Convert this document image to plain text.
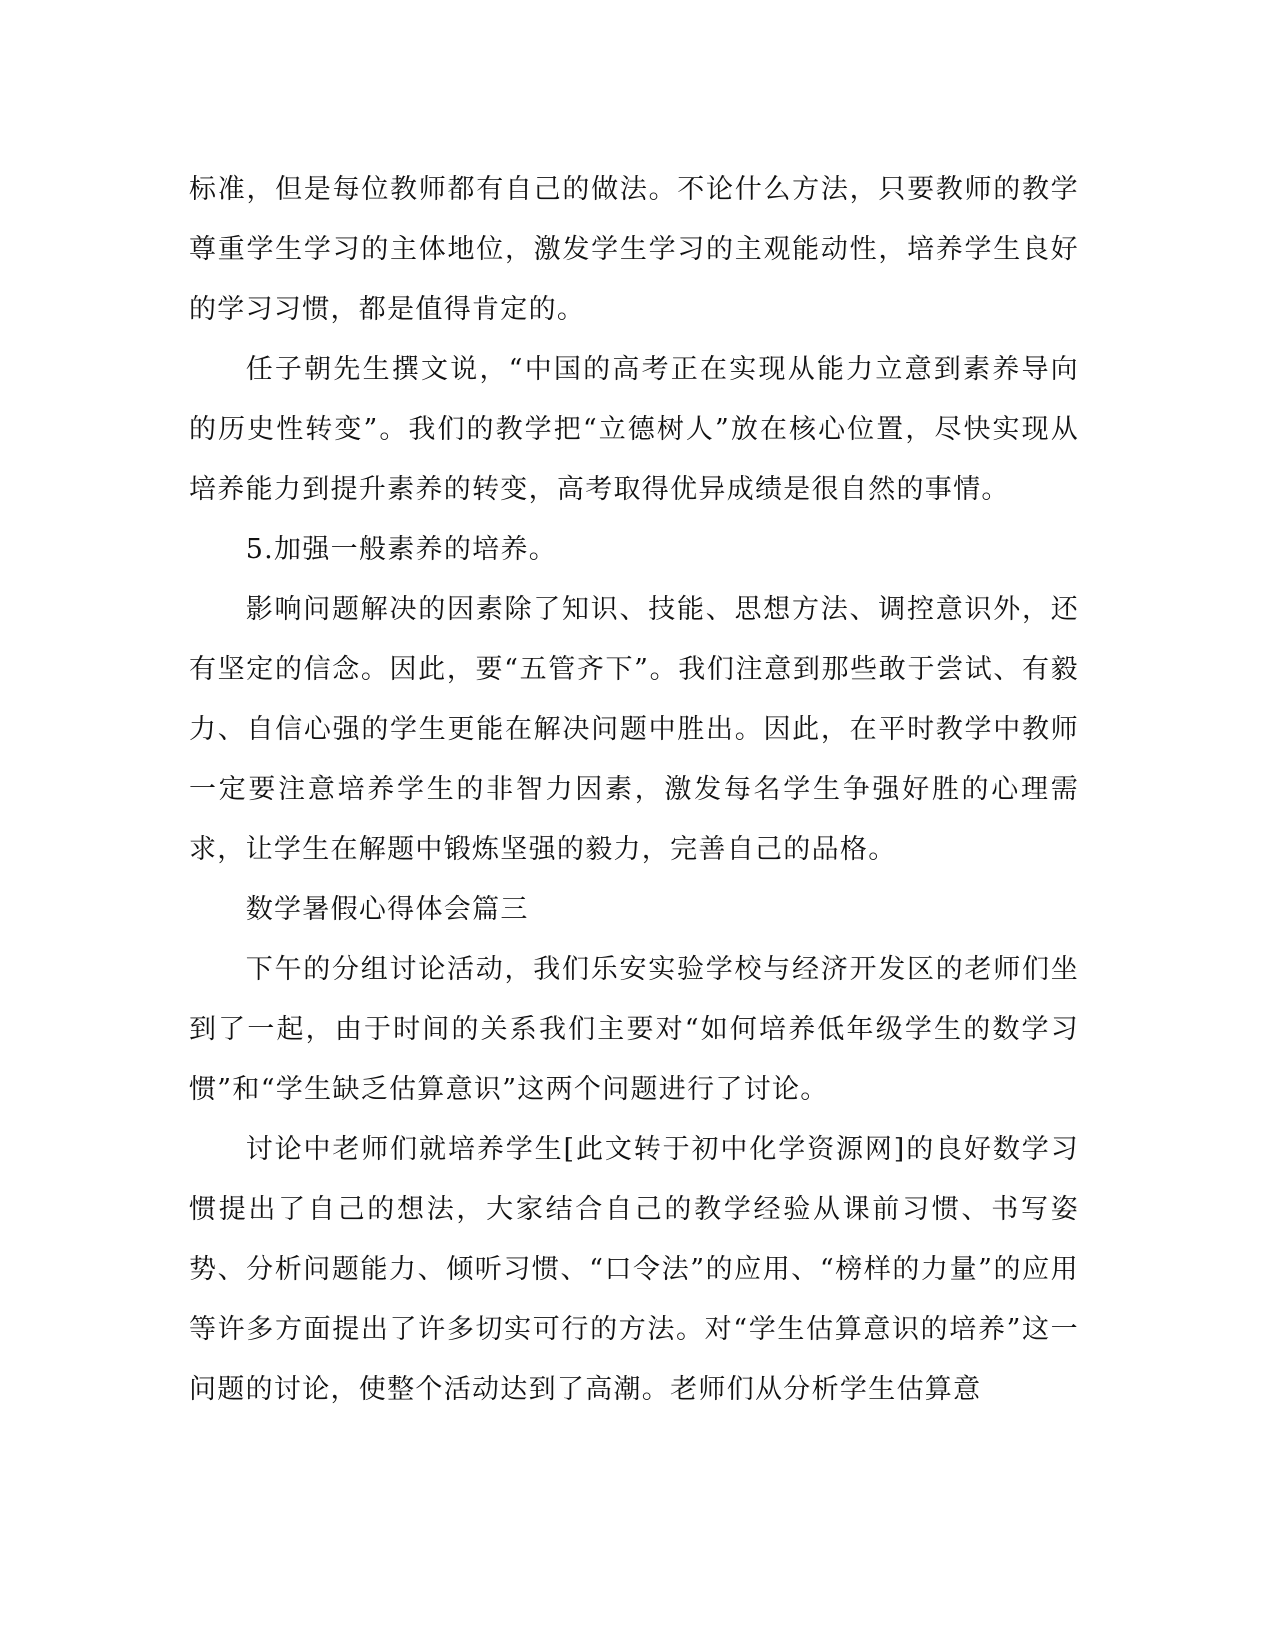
标准，但是每位教师都有自己的做法。不论什么方法，只要教师的教学尊重学生学习的主体地位，激发学生学习的主观能动性，培养学生良好的学习习惯，都是值得肯定的。

任子朝先生撰文说，“中国的高考正在实现从能力立意到素养导向的历史性转变”。我们的教学把“立德树人”放在核心位置，尽快实现从培养能力到提升素养的转变，高考取得优异成绩是很自然的事情。

5.加强一般素养的培养。

影响问题解决的因素除了知识、技能、思想方法、调控意识外，还有坚定的信念。因此，要“五管齐下”。我们注意到那些敢于尝试、有毅力、自信心强的学生更能在解决问题中胜出。因此，在平时教学中教师一定要注意培养学生的非智力因素，激发每名学生争强好胜的心理需求，让学生在解题中锻炼坚强的毅力，完善自己的品格。

数学暑假心得体会篇三

下午的分组讨论活动，我们乐安实验学校与经济开发区的老师们坐到了一起，由于时间的关系我们主要对“如何培养低年级学生的数学习惯”和“学生缺乏估算意识”这两个问题进行了讨论。

讨论中老师们就培养学生[此文转于初中化学资源网]的良好数学习惯提出了自己的想法，大家结合自己的教学经验从课前习惯、书写姿势、分析问题能力、倾听习惯、“口令法”的应用、“榜样的力量”的应用等许多方面提出了许多切实可行的方法。对“学生估算意识的培养”这一问题的讨论，使整个活动达到了高潮。老师们从分析学生估算意
